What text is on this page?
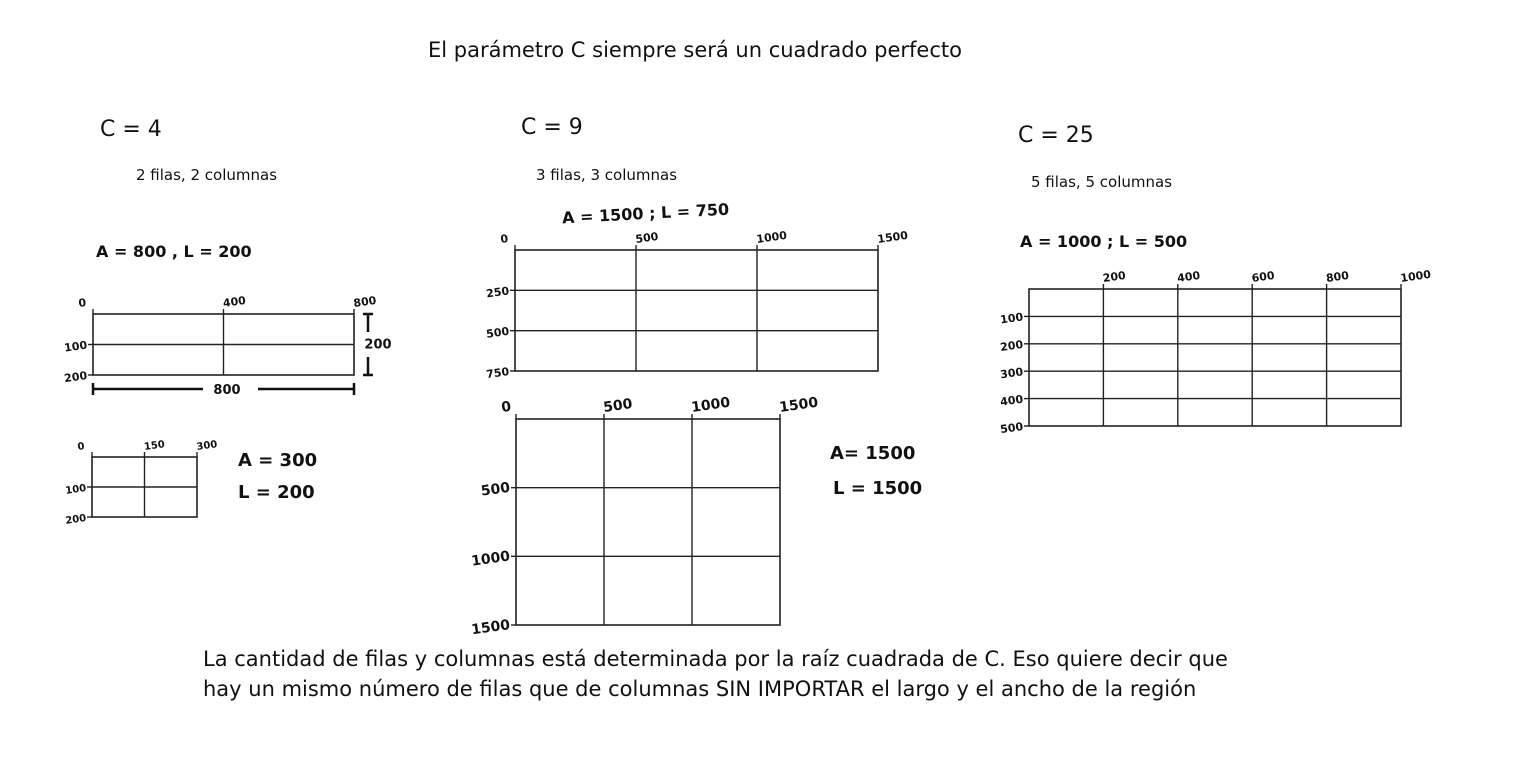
El parámetro C siempre será un cuadrado perfecto
C = 4
2 filas, 2 columnas
A = 800 , L = 200
C = 9
3 filas, 3 columnas
A = 1500 ; L = 750
C = 25
5 filas, 5 columnas
A = 1000 ; L = 500
A = 300
L = 200
A= 1500
L = 1500
La cantidad de filas y columnas está determinada por la raíz cuadrada de C. Eso quiere decir que
hay un mismo número de filas que de columnas SIN IMPORTAR el largo y el ancho de la región
0	400	800
100
200
800
200
0	150	300
100
200
0	500	1000	1500
250
500
750
0	500	1000	1500
500
1000
1500
200	400	600	800	1000
100
200
300
400
500
